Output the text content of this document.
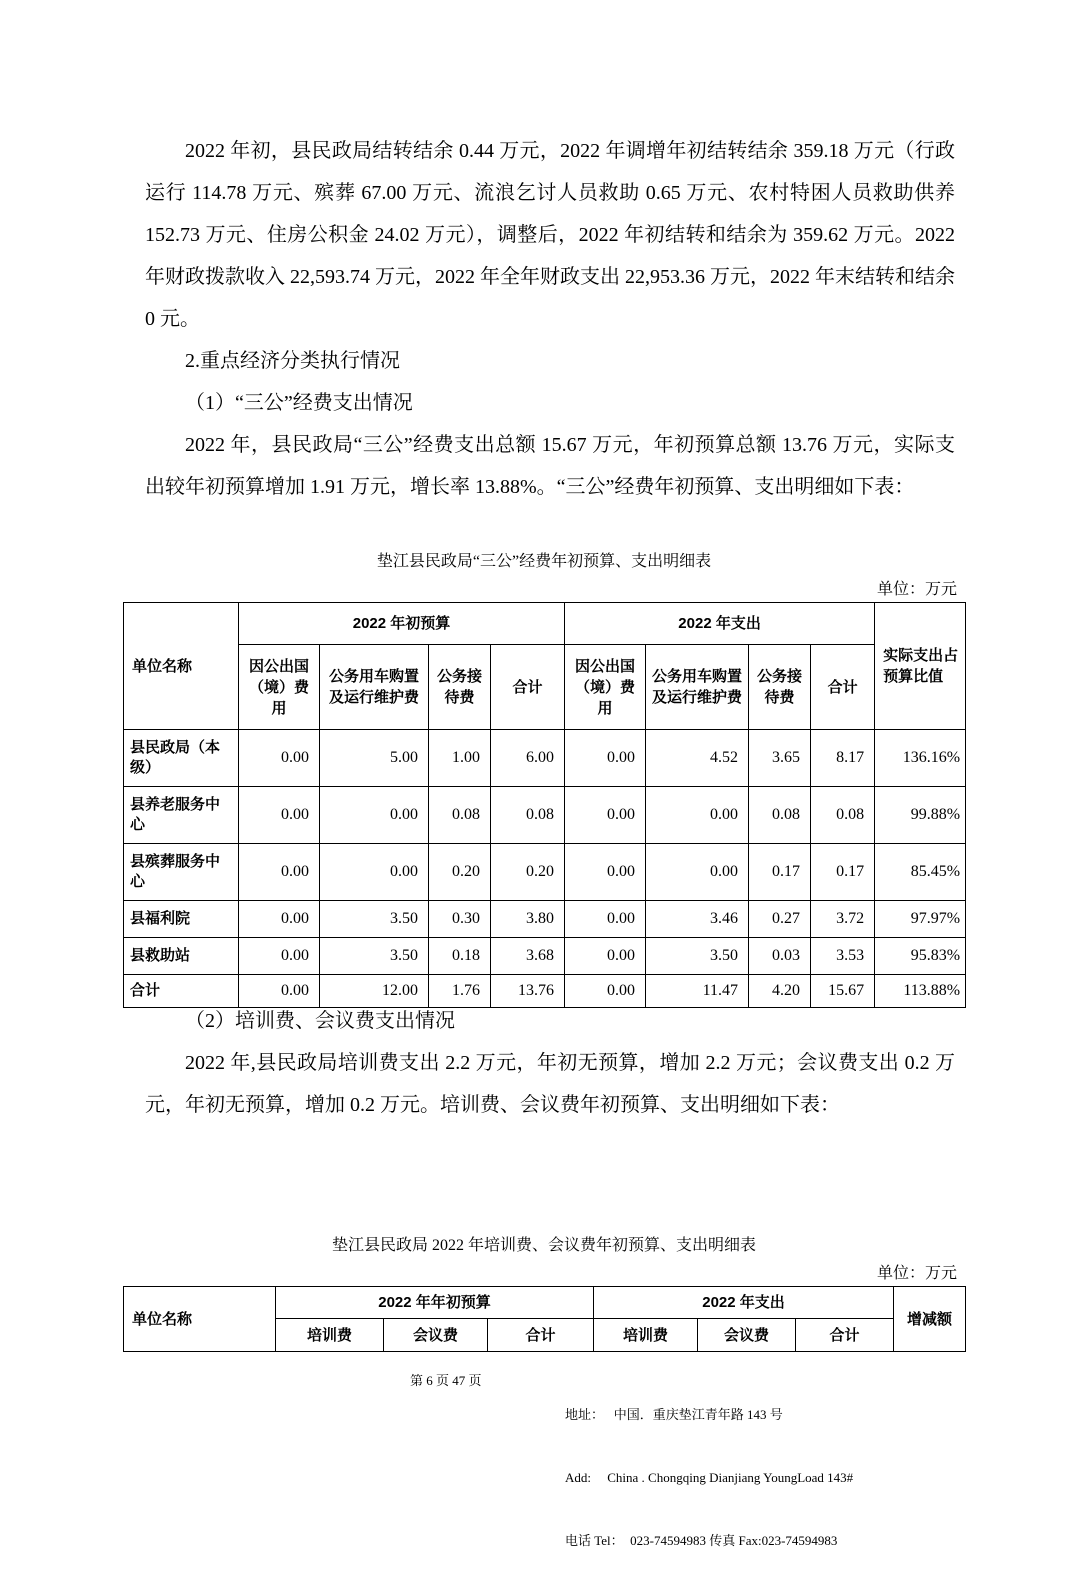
2022 年初，县民政局结转结余 0.44 万元，2022 年调增年初结转结余 359.18 万元（行政运行 114.78 万元、殡葬 67.00 万元、流浪乞讨人员救助 0.65 万元、农村特困人员救助供养 152.73 万元、住房公积金 24.02 万元），调整后，2022 年初结转和结余为 359.62 万元。2022 年财政拨款收入 22,593.74 万元，2022 年全年财政支出 22,953.36 万元，2022 年末结转和结余 0 元。

2.重点经济分类执行情况

（1）“三公”经费支出情况

2022 年，县民政局“三公”经费支出总额 15.67 万元，年初预算总额 13.76 万元，实际支出较年初预算增加 1.91 万元，增长率 13.88%。“三公”经费年初预算、支出明细如下表：

垫江县民政局“三公”经费年初预算、支出明细表
单位：万元
单位名称	2022 年初预算				2022 年支出				实际支出占预算比值
	因公出国（境）费用	公务用车购置及运行维护费	公务接待费	合计	因公出国（境）费用	公务用车购置及运行维护费	公务接待费	合计	
县民政局（本级）	0.00	5.00	1.00	6.00	0.00	4.52	3.65	8.17	136.16%
县养老服务中心	0.00	0.00	0.08	0.08	0.00	0.00	0.08	0.08	99.88%
县殡葬服务中心	0.00	0.00	0.20	0.20	0.00	0.00	0.17	0.17	85.45%
县福利院	0.00	3.50	0.30	3.80	0.00	3.46	0.27	3.72	97.97%
县救助站	0.00	3.50	0.18	3.68	0.00	3.50	0.03	3.53	95.83%
合计	0.00	12.00	1.76	13.76	0.00	11.47	4.20	15.67	113.88%

（2）培训费、会议费支出情况

2022 年,县民政局培训费支出 2.2 万元，年初无预算，增加 2.2 万元；会议费支出 0.2 万元，年初无预算，增加 0.2 万元。培训费、会议费年初预算、支出明细如下表：

垫江县民政局 2022 年培训费、会议费年初预算、支出明细表
单位：万元
单位名称	2022 年年初预算			2022 年支出			增减额
	培训费	会议费	合计	培训费	会议费	合计	
第 6 页 47 页

地址：   中国．重庆垫江青年路 143 号

Add:     China . Chongqing Dianjiang YoungLoad 143#

电话 Tel：  023-74594983 传真 Fax:023-74594983
